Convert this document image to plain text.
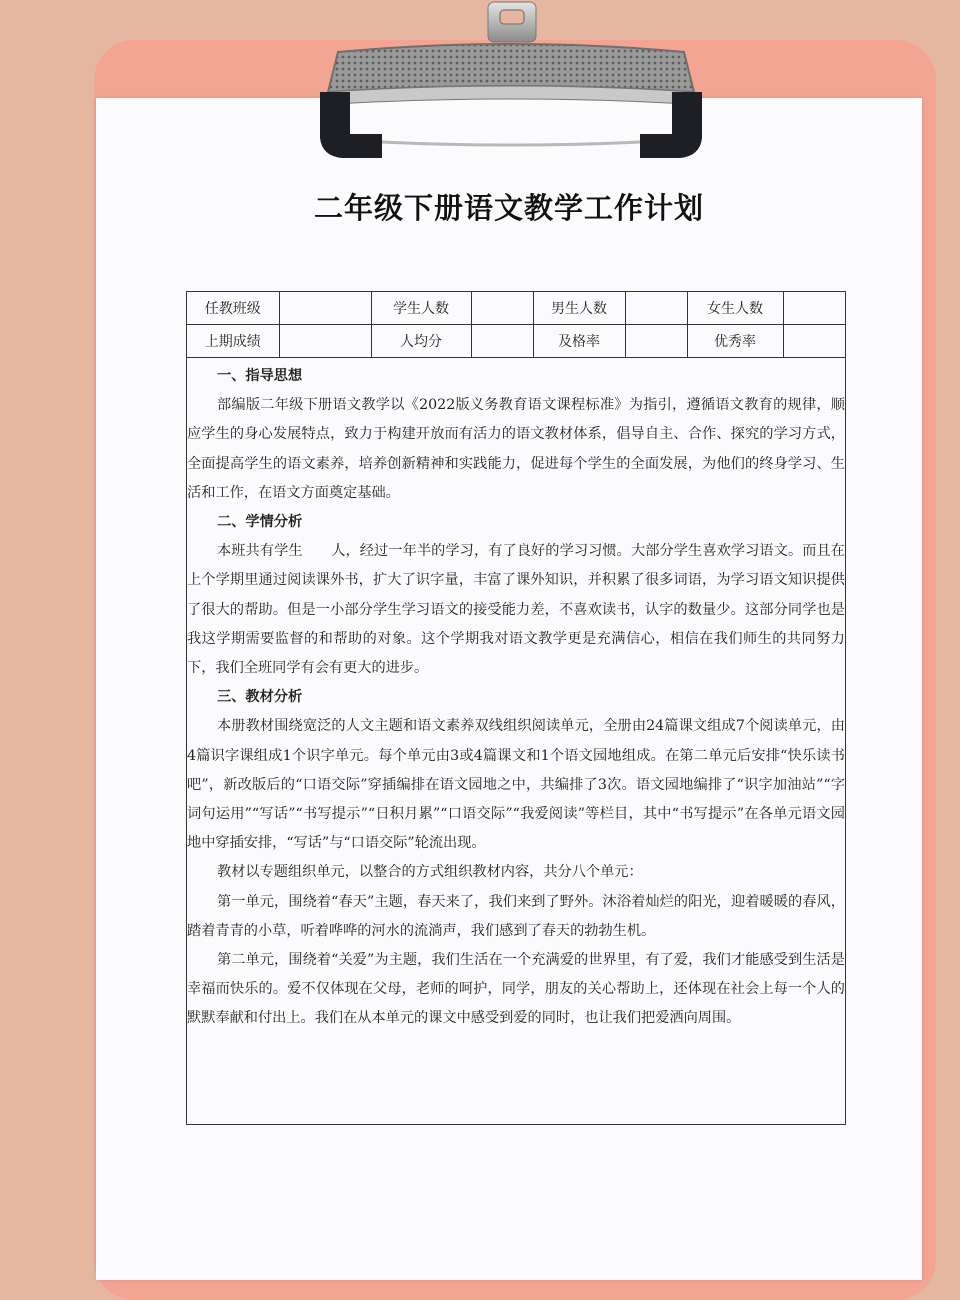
二年级下册语文教学工作计划
任教班级		学生人数		男生人数		女生人数	
上期成绩		人均分		及格率		优秀率	
一、指导思想

部编版二年级下册语文教学以《2022版义务教育语文课程标准》为指引，遵循语文教育的规律，顺应学生的身心发展特点，致力于构建开放而有活力的语文教材体系，倡导自主、合作、探究的学习方式，全面提高学生的语文素养，培养创新精神和实践能力，促进每个学生的全面发展，为他们的终身学习、生活和工作，在语文方面奠定基础。

二、学情分析

本班共有学生　　人，经过一年半的学习，有了良好的学习习惯。大部分学生喜欢学习语文。而且在上个学期里通过阅读课外书，扩大了识字量，丰富了课外知识，并积累了很多词语，为学习语文知识提供了很大的帮助。但是一小部分学生学习语文的接受能力差，不喜欢读书，认字的数量少。这部分同学也是我这学期需要监督的和帮助的对象。这个学期我对语文教学更是充满信心，相信在我们师生的共同努力下，我们全班同学有会有更大的进步。

三、教材分析

本册教材围绕宽泛的人文主题和语文素养双线组织阅读单元，全册由24篇课文组成7个阅读单元，由4篇识字课组成1个识字单元。每个单元由3或4篇课文和1个语文园地组成。在第二单元后安排“快乐读书吧”，新改版后的“口语交际”穿插编排在语文园地之中，共编排了3次。语文园地编排了“识字加油站”“字词句运用”“写话”“书写提示”“日积月累”“口语交际”“我爱阅读”等栏目，其中“书写提示”在各单元语文园地中穿插安排，“写话”与“口语交际”轮流出现。

教材以专题组织单元，以整合的方式组织教材内容，共分八个单元：

第一单元，围绕着“春天”主题，春天来了，我们来到了野外。沐浴着灿烂的阳光，迎着暖暖的春风，踏着青青的小草，听着哗哗的河水的流淌声，我们感到了春天的勃勃生机。

第二单元，围绕着“关爱”为主题，我们生活在一个充满爱的世界里，有了爱，我们才能感受到生活是幸福而快乐的。爱不仅体现在父母，老师的呵护，同学，朋友的关心帮助上，还体现在社会上每一个人的默默奉献和付出上。我们在从本单元的课文中感受到爱的同时，也让我们把爱洒向周围。
